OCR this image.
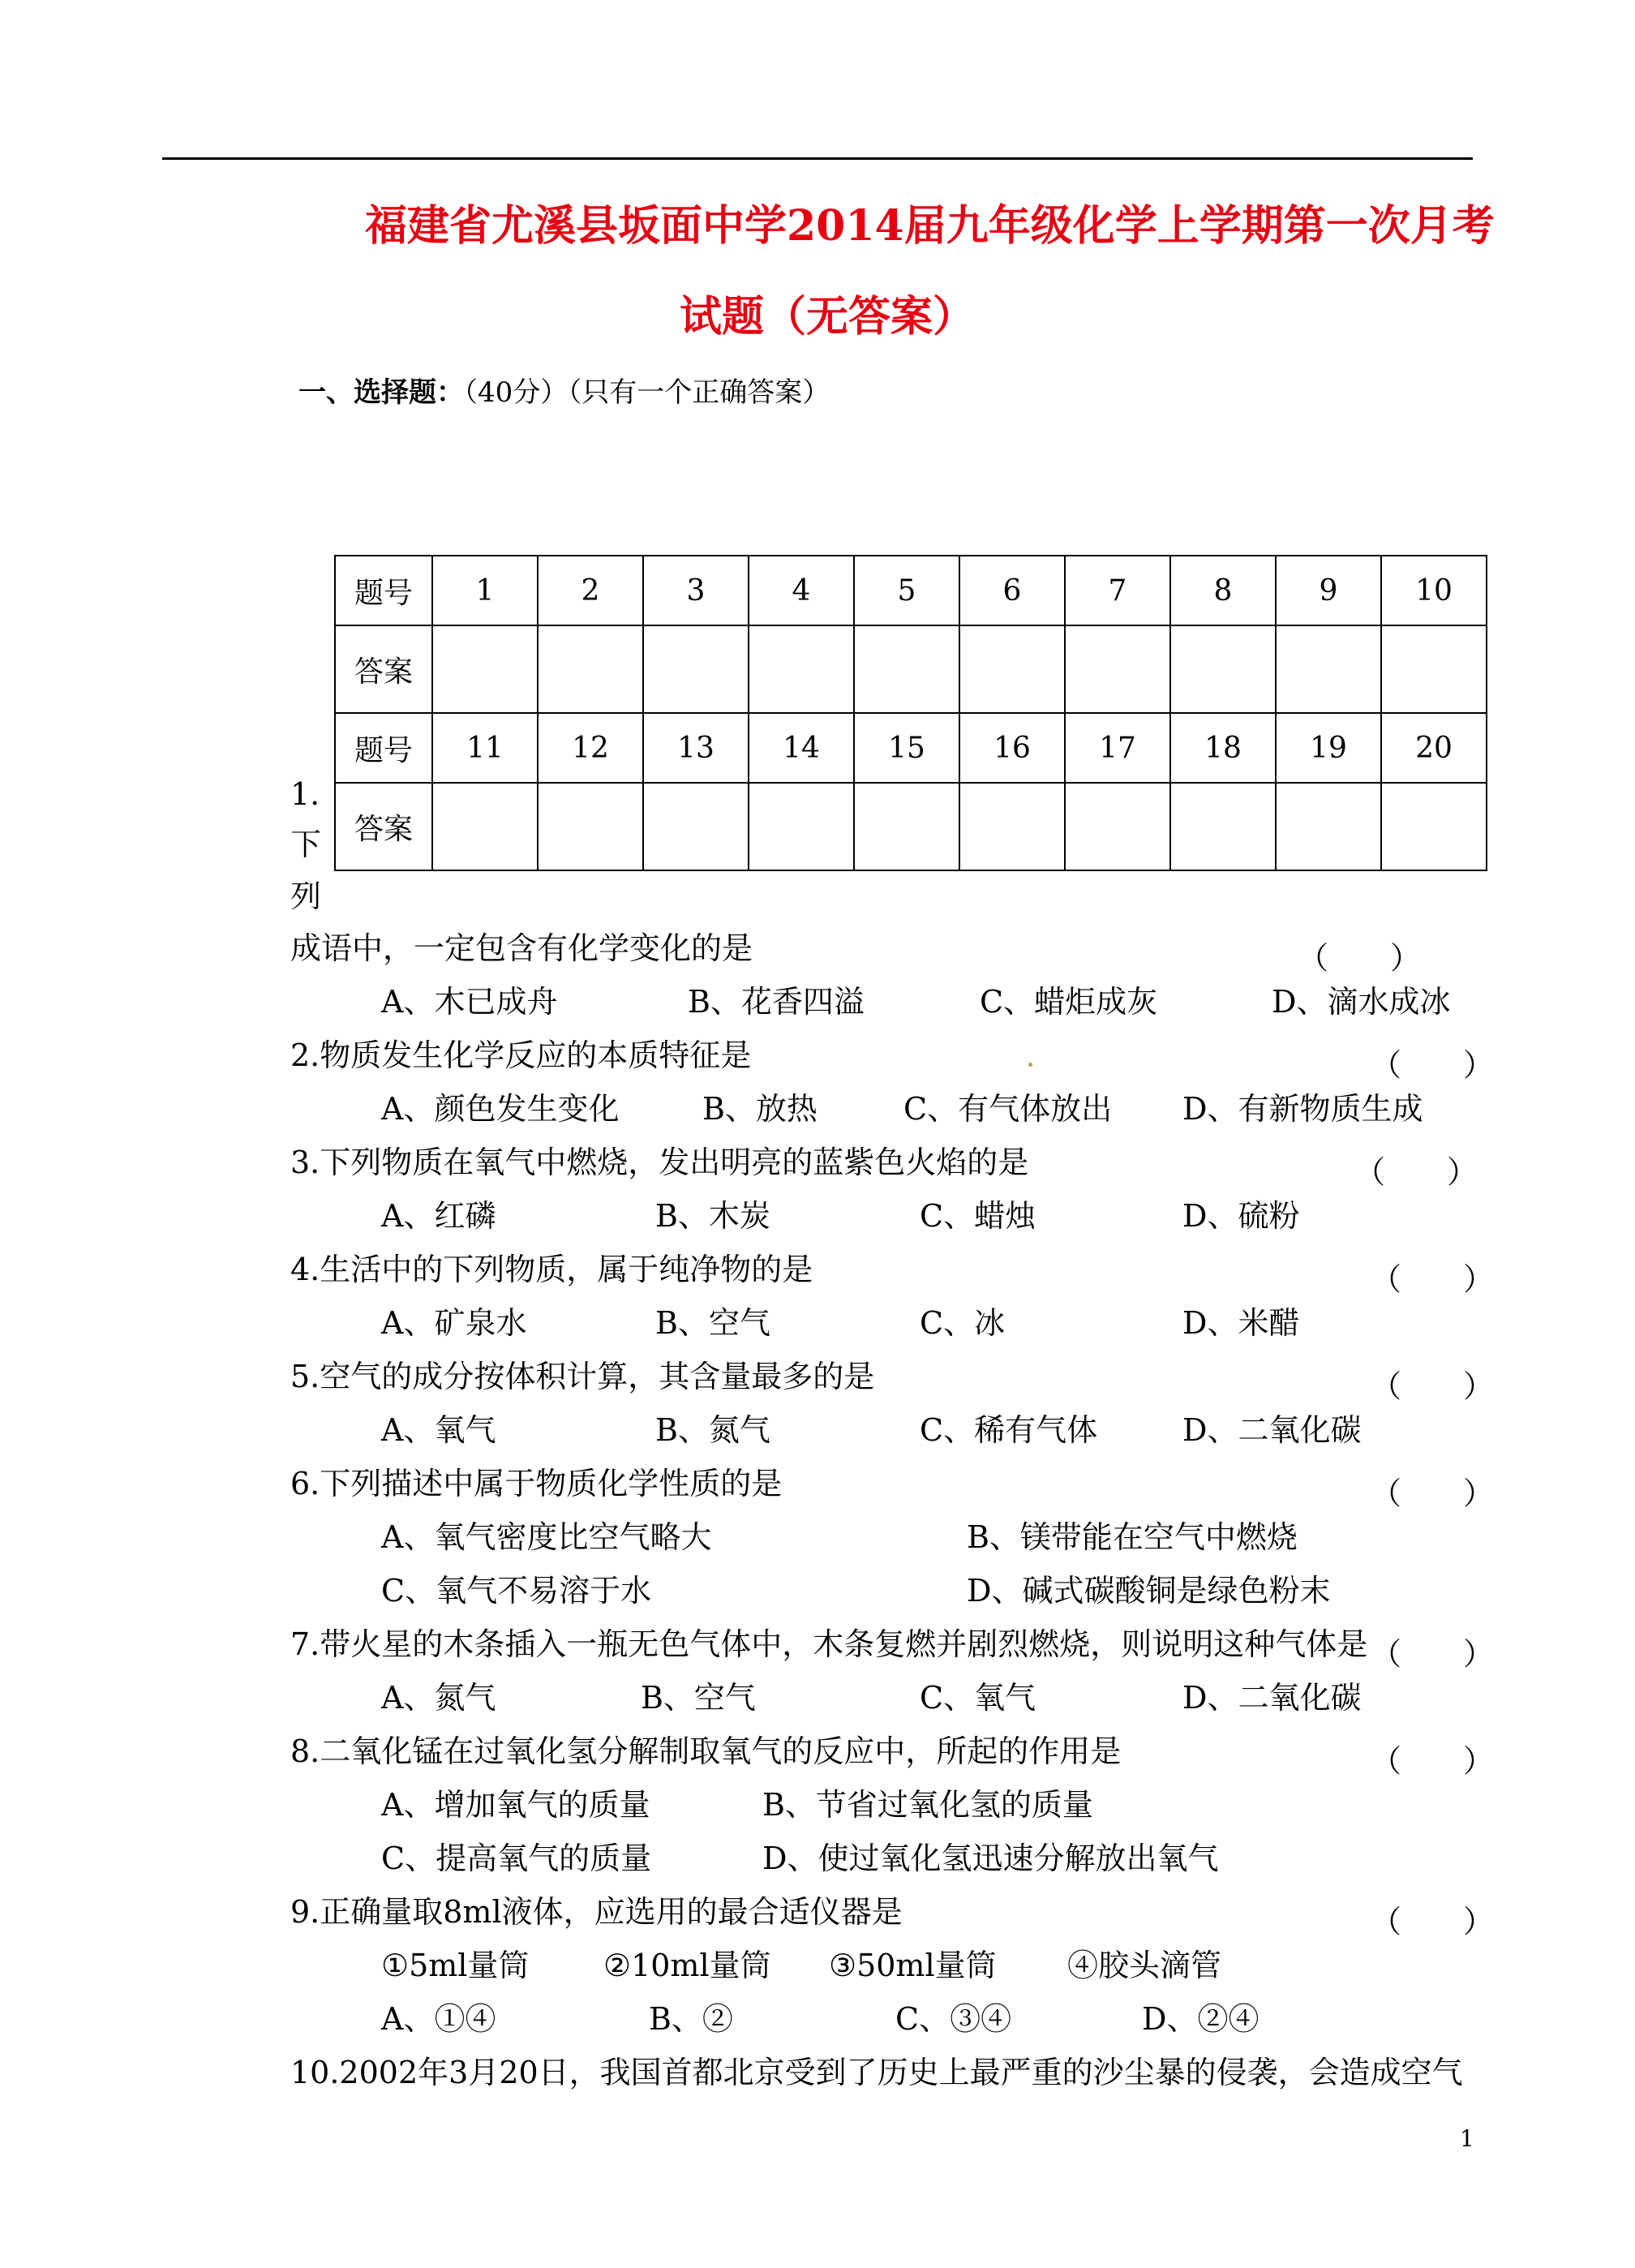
福建省尤溪县坂面中学2014届九年级化学上学期第一次月考
试题（无答案）
一、选择题：（40分）（只有一个正确答案）
题号	1	2	3	4	5	6	7	8	9	10
答案										
题号	11	12	13	14	15	16	17	18	19	20
答案										
1.
下
列
成语中，一定包含有化学变化的是	（　　）
A、木已成舟	B、花香四溢	C、蜡炬成灰	D、滴水成冰
2.物质发生化学反应的本质特征是	（　　）
A、颜色发生变化	B、放热	C、有气体放出 D、有新物质生成
3.下列物质在氧气中燃烧，发出明亮的蓝紫色火焰的是	（　　）
A、红磷	B、木炭	C、蜡烛	D、硫粉
4.生活中的下列物质，属于纯净物的是	（　　）
A、矿泉水	B、空气	C、冰	D、米醋
5.空气的成分按体积计算，其含量最多的是	（　　）
A、氧气	B、氮气	C、稀有气体	D、二氧化碳
6.下列描述中属于物质化学性质的是	（　　）
A、氧气密度比空气略大	B、镁带能在空气中燃烧
C、氧气不易溶于水	D、碱式碳酸铜是绿色粉末
7.带火星的木条插入一瓶无色气体中，木条复燃并剧烈燃烧，则说明这种气体是 （　　）
A、氮气	B、空气	C、氧气	D、二氧化碳
8.二氧化锰在过氧化氢分解制取氧气的反应中，所起的作用是	（　　）
A、增加氧气的质量	B、节省过氧化氢的质量
C、提高氧气的质量	D、使过氧化氢迅速分解放出氧气
9.正确量取8ml液体，应选用的最合适仪器是	（　　）
①5ml量筒 ②10ml量筒 ③50ml量筒 ④胶头滴管
A、①④	B、②	C、③④	D、②④
10.2002年3月20日，我国首都北京受到了历史上最严重的沙尘暴的侵袭，会造成空气
1
